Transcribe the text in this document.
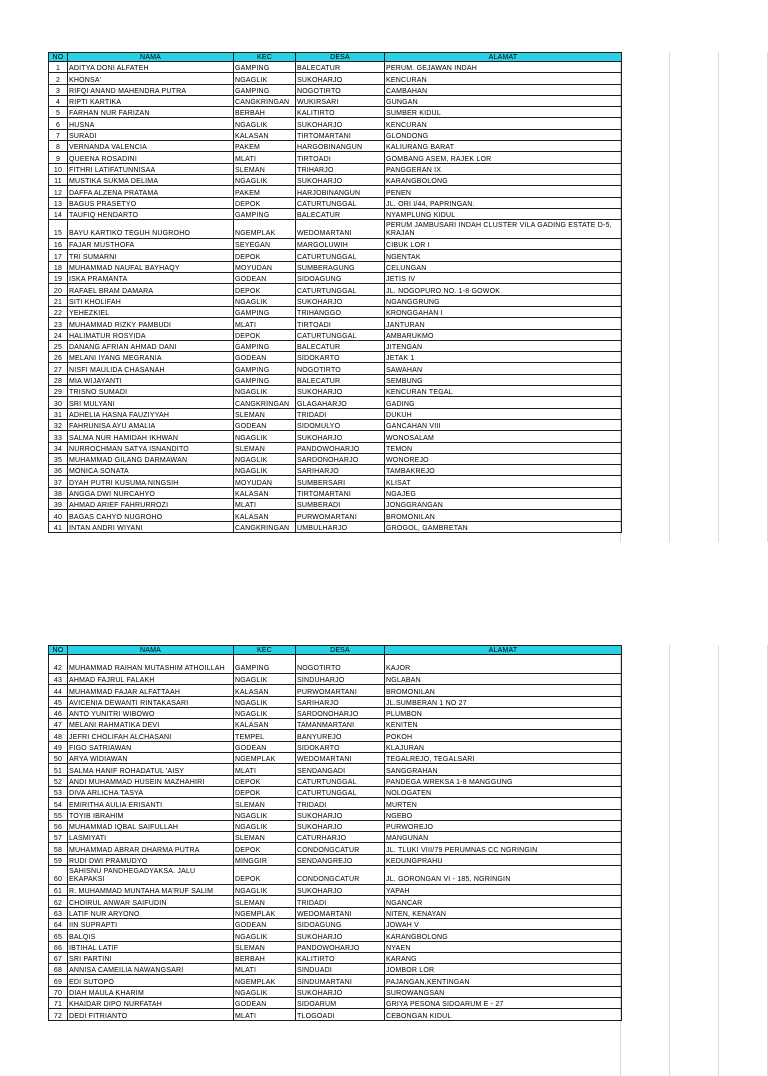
NO	NAMA	KEC	DESA	ALAMAT
1	ADITYA DONI ALFATEH	GAMPING	BALECATUR	PERUM. GEJAWAN INDAH
2	KHONSA'	NGAGLIK	SUKOHARJO	KENCURAN
3	RIFQI ANAND MAHENDRA PUTRA	GAMPING	NOGOTIRTO	CAMBAHAN
4	RIPTI KARTIKA	CANGKRINGAN	WUKIRSARI	GUNGAN
5	FARHAN NUR FARIZAN	BERBAH	KALITIRTO	SUMBER KIDUL
6	HUSNA	NGAGLIK	SUKOHARJO	KENCURAN
7	SURADI	KALASAN	TIRTOMARTANI	GLONDONG
8	VERNANDA VALENCIA	PAKEM	HARGOBINANGUN	KALIURANG BARAT
9	QUEENA ROSADINI	MLATI	TIRTOADI	GOMBANG ASEM, RAJEK LOR
10	FITHRI LATIFATUNNISAA	SLEMAN	TRIHARJO	PANGGERAN IX
11	MUSTIKA SUKMA DELIMA	NGAGLIK	SUKOHARJO	KARANGBOLONG
12	DAFFA ALZENA PRATAMA	PAKEM	HARJOBINANGUN	PENEN
13	BAGUS PRASETYO	DEPOK	CATURTUNGGAL	JL. ORI I/44, PAPRINGAN.
14	TAUFIQ HENDARTO	GAMPING	BALECATUR	NYAMPLUNG KIDUL
15	BAYU KARTIKO TEGUH NUGROHO	NGEMPLAK	WEDOMARTANI	PERUM JAMBUSARI INDAH CLUSTER VILA GADING ESTATE D-5, KRAJAN
16	FAJAR MUSTHOFA	SEYEGAN	MARGOLUWIH	CIBUK LOR I
17	TRI SUMARNI	DEPOK	CATURTUNGGAL	NGENTAK
18	MUHAMMAD NAUFAL BAYHAQY	MOYUDAN	SUMBERAGUNG	CELUNGAN
19	ISKA PRAMANTA	GODEAN	SIDOAGUNG	JETIS IV
20	RAFAEL BRAM DAMARA	DEPOK	CATURTUNGGAL	JL. NOGOPURO NO. 1-8 GOWOK
21	SITI KHOLIFAH	NGAGLIK	SUKOHARJO	NGANGGRUNG
22	YEHEZKIEL	GAMPING	TRIHANGGO	KRONGGAHAN I
23	MUHAMMAD RIZKY PAMBUDI	MLATI	TIRTOADI	JANTURAN
24	HALIMATUR ROSYIDA	DEPOK	CATURTUNGGAL	AMBARUKMO
25	DANANG AFRIAN AHMAD DANI	GAMPING	BALECATUR	JITENGAN
26	MELANI IYANG MEGRANIA	GODEAN	SIDOKARTO	JETAK 1
27	NISFI MAULIDA CHASANAH	GAMPING	NOGOTIRTO	SAWAHAN
28	MIA WIJAYANTI	GAMPING	BALECATUR	SEMBUNG
29	TRISNO SUMADI	NGAGLIK	SUKOHARJO	KENCURAN TEGAL
30	SRI MULYANI	CANGKRINGAN	GLAGAHARJO	GADING
31	ADHELIA HASNA FAUZIYYAH	SLEMAN	TRIDADI	DUKUH
32	FAHRUNISA AYU AMALIA	GODEAN	SIDOMULYO	GANCAHAN VIII
33	SALMA NUR HAMIDAH IKHWAN	NGAGLIK	SUKOHARJO	WONOSALAM
34	NURROCHMAN SATYA ISNANDITO	SLEMAN	PANDOWOHARJO	TEMON
35	MUHAMMAD GILANG DARMAWAN	NGAGLIK	SARDONOHARJO	WONOREJO
36	MONICA SONATA	NGAGLIK	SARIHARJO	TAMBAKREJO
37	DYAH PUTRI KUSUMA NINGSIH	MOYUDAN	SUMBERSARI	KLISAT
38	ANGGA DWI NURCAHYO	KALASAN	TIRTOMARTANI	NGAJEG
39	AHMAD ARIEF FAHRURROZI	MLATI	SUMBERADI	JONGGRANGAN
40	BAGAS CAHYO NUGROHO	KALASAN	PURWOMARTANI	BROMONILAN
41	INTAN ANDRI WIYANI	CANGKRINGAN	UMBULHARJO	GROGOL, GAMBRETAN
NO	NAMA	KEC	DESA	ALAMAT
42	MUHAMMAD RAIHAN MUTASHIM ATHOILLAH	GAMPING	NOGOTIRTO	KAJOR
43	AHMAD FAJRUL FALAKH	NGAGLIK	SINDUHARJO	NGLABAN
44	MUHAMMAD FAJAR ALFATTAAH	KALASAN	PURWOMARTANI	BROMONILAN
45	AVICENIA DEWANTI RINTAKASARI	NGAGLIK	SARIHARJO	JL.SUMBERAN 1 NO 27
46	ANTO YUNITRI WIBOWO	NGAGLIK	SARDONOHARJO	PLUMBON
47	MELANI RAHMATIKA DEVI	KALASAN	TAMANMARTANI	KENITEN
48	JEFRI CHOLIFAH ALCHASANI	TEMPEL	BANYUREJO	POKOH
49	FIGO SATRIAWAN	GODEAN	SIDOKARTO	KLAJURAN
50	ARYA WIDIAWAN	NGEMPLAK	WEDOMARTANI	TEGALREJO, TEGALSARI
51	SALMA HANIF ROHADATUL 'AISY	MLATI	SENDANGADI	SANGGRAHAN
52	ANDI MUHAMMAD HUSEIN MAZHAHIRI	DEPOK	CATURTUNGGAL	PANDEGA WREKSA 1-8 MANGGUNG
53	DIVA ARLICHA TASYA	DEPOK	CATURTUNGGAL	NOLOGATEN
54	EMIRITHA AULIA ERISANTI	SLEMAN	TRIDADI	MURTEN
55	TOYIB IBRAHIM	NGAGLIK	SUKOHARJO	NGEBO
56	MUHAMMAD IQBAL SAIFULLAH	NGAGLIK	SUKOHARJO	PURWOREJO
57	LASMIYATI	SLEMAN	CATURHARJO	MANGUNAN
58	MUHAMMAD ABRAR DHARMA PUTRA	DEPOK	CONDONGCATUR	JL. TLUKI VIII/79 PERUMNAS CC NGRINGIN
59	RUDI DWI PRAMUDYO	MINGGIR	SENDANGREJO	KEDUNGPRAHU
60	SAHISNU PANDHEGADYAKSA. JALU EKAPAKSI	DEPOK	CONDONGCATUR	JL. GORONGAN VI - 185, NGRINGIN
61	R. MUHAMMAD MUNTAHA MA'RUF SALIM	NGAGLIK	SUKOHARJO	YAPAH
62	CHOIRUL ANWAR SAIFUDIN	SLEMAN	TRIDADI	NGANCAR
63	LATIF NUR ARYONO	NGEMPLAK	WEDOMARTANI	NITEN, KENAYAN
64	IIN SUPRAPTI	GODEAN	SIDOAGUNG	JOWAH V
65	BALQIS	NGAGLIK	SUKOHARJO	KARANGBOLONG
66	IBTIHAL LATIF	SLEMAN	PANDOWOHARJO	NYAEN
67	SRI PARTINI	BERBAH	KALITIRTO	KARANG
68	ANNISA CAMEILIA NAWANGSARI	MLATI	SINDUADI	JOMBOR LOR
69	EDI SUTOPO	NGEMPLAK	SINDUMARTANI	PAJANGAN,KENTINGAN
70	DIAH MAULA KHARIM	NGAGLIK	SUKOHARJO	SUROWANGSAN
71	KHAIDAR DIPO NURFATAH	GODEAN	SIDOARUM	GRIYA PESONA SIDOARUM E - 27
72	DEDI FITRIANTO	MLATI	TLOGOADI	CEBONGAN KIDUL
